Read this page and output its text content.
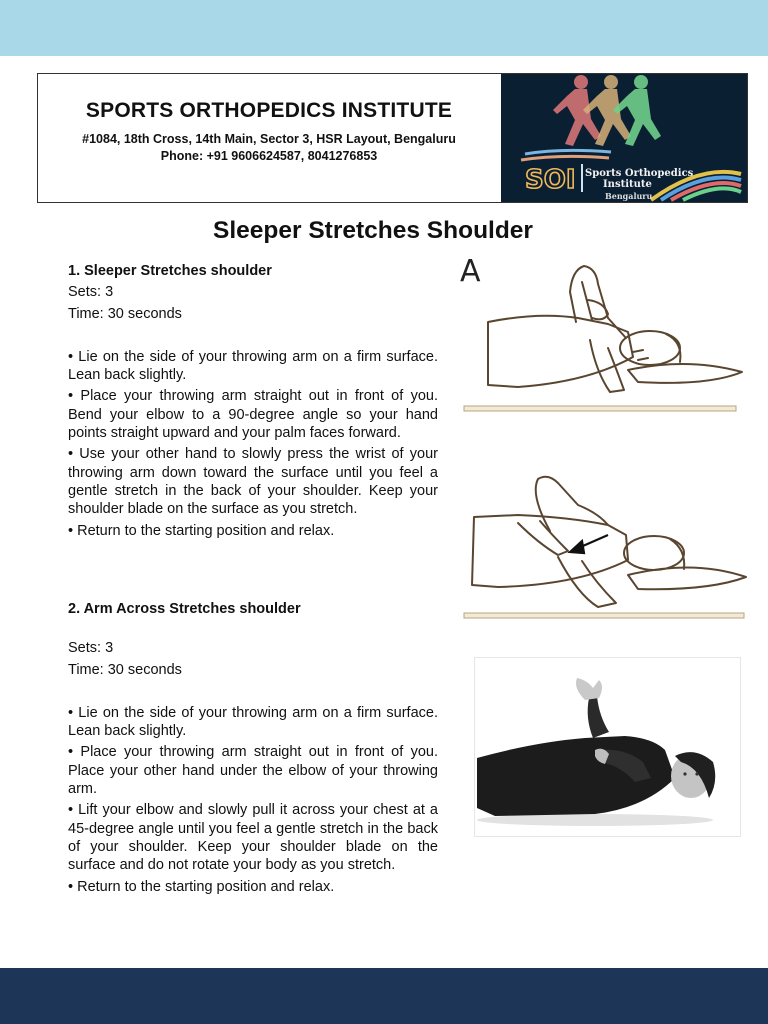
SPORTS ORTHOPEDICS INSTITUTE
#1084, 18th Cross, 14th Main, Sector 3, HSR Layout, Bengaluru
Phone: +91 9606624587, 8041276853
SOI Sports Orthopedics
Institute
Bengaluru
Sleeper Stretches Shoulder

1. Sleeper Stretches shoulder

Sets: 3

Time: 30 seconds

• Lie on the side of your throwing arm on a firm surface. Lean back slightly.

• Place your throwing arm straight out in front of you. Bend your elbow to a 90-degree angle so your hand points straight upward and your palm faces forward.

• Use your other hand to slowly press the wrist of your throwing arm down toward the surface until you feel a gentle stretch in the back of your shoulder. Keep your shoulder blade on the surface as you stretch.

• Return to the starting position and relax.

2. Arm Across Stretches shoulder

Sets: 3

Time: 30 seconds

• Lie on the side of your throwing arm on a firm surface. Lean back slightly.

• Place your throwing arm straight out in front of you. Place your other hand under the elbow of your throwing arm.

• Lift your elbow and slowly pull it across your chest at a 45-degree angle until you feel a gentle stretch in the back of your shoulder. Keep your shoulder blade on the surface and do not rotate your body as you stretch.

• Return to the starting position and relax.

A
